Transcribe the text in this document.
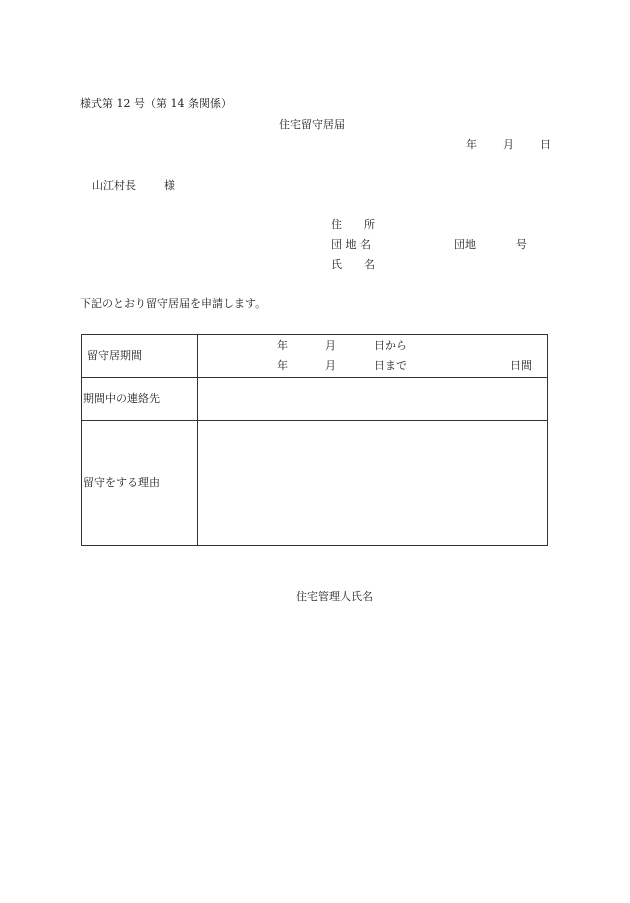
様式第 12 号（第 14 条関係）
住宅留守居届
年 月 日
山江村長	様
住　　所
団 地 名	団地	号
氏　　名
下記のとおり留守居届を申請します。
留守居期間
年	月	日から
年	月	日まで	日間
期間中の連絡先
留守をする理由
住宅管理人氏名
